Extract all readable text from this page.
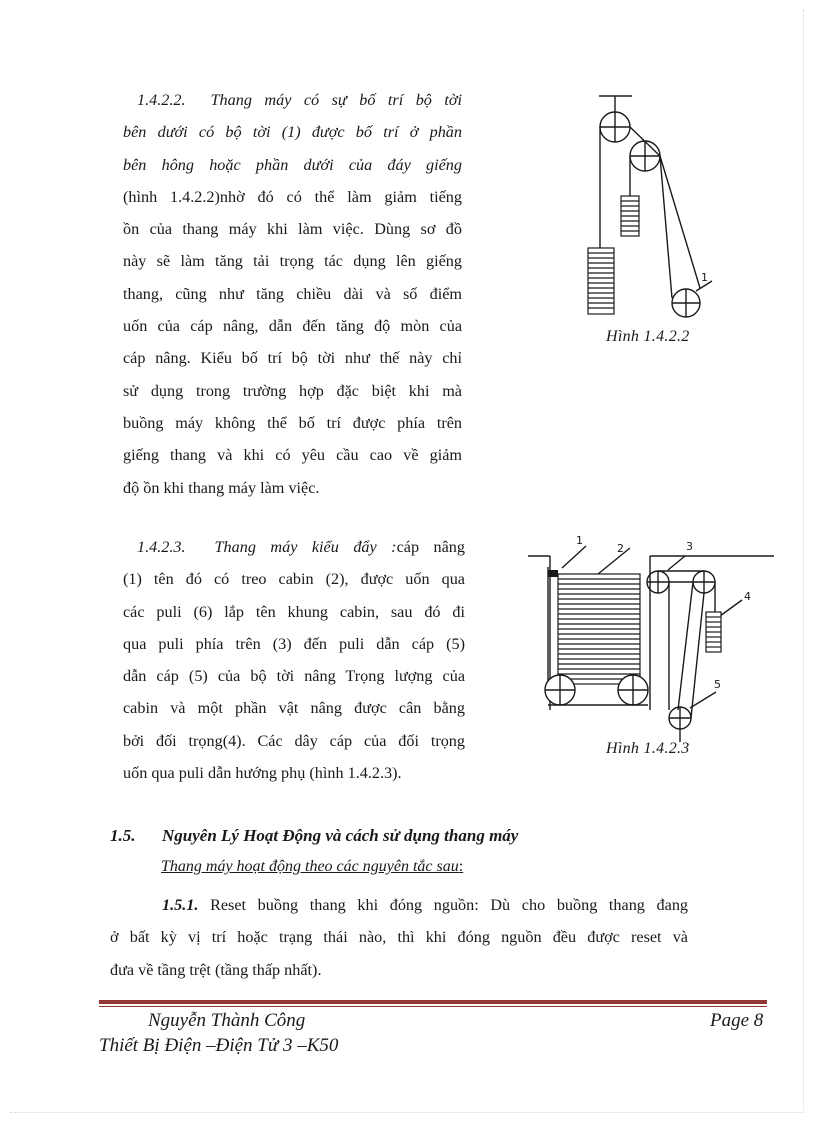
1.4.2.2. Thang máy có sự bố trí bộ tời
bên dưới có bộ tời (1) được bố trí ở phần
bên hông hoặc phần dưới của đáy giếng
(hình 1.4.2.2)nhờ đó có thể làm giảm tiếng
ồn của thang máy khi làm việc. Dùng sơ đồ
này sẽ làm tăng tải trọng tác dụng lên giếng
thang, cũng như tăng chiều dài và số điểm
uốn của cáp nâng, dẫn đến tăng độ mòn của
cáp nâng. Kiểu bố trí bộ tời như thế này chỉ
sử dụng trong trường hợp đặc biệt khi mà
buồng máy không thể bố trí được phía trên
giếng thang và khi có yêu cầu cao về giảm
độ ồn khi thang máy làm việc.
1
Hình 1.4.2.2
1.4.2.3. Thang máy kiểu đẩy :cáp nâng
(1) tên đó có treo cabin (2), được uốn qua
các puli (6) lắp tên khung cabin, sau đó đi
qua puli phía trên (3) đến puli dẫn cáp (5)
dẫn cáp (5) của bộ tời nâng Trọng lượng của
cabin và một phần vật nâng được cân bằng
bởi đối trọng(4). Các dây cáp của đối trọng
uốn qua puli dẫn hướng phụ (hình 1.4.2.3).
1
2	3
4
5
Hình 1.4.2.3
1.5. Nguyên Lý Hoạt Động và cách sử dụng thang máy
Thang máy hoạt động theo các nguyên tắc sau:
1.5.1. Reset buồng thang khi đóng nguồn: Dù cho buồng thang đang
ở bất kỳ vị trí hoặc trạng thái nào, thì khi đóng nguồn đều được reset và
đưa về tầng trệt (tầng thấp nhất).
Nguyễn Thành Công	Page 8
Thiết Bị Điện –Điện Tử 3 –K50
